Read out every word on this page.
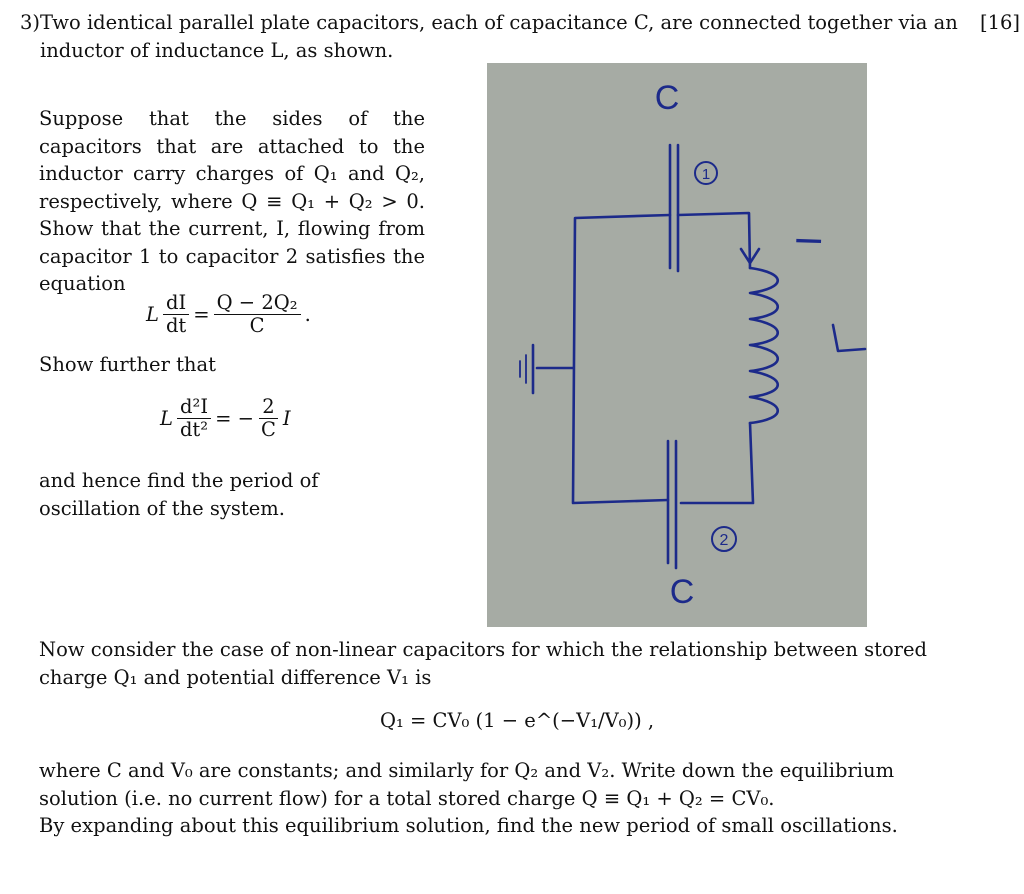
3) Two identical parallel plate capacitors, each of capacitance C, are connected together via an inductor of inductance L, as shown.
[16]
Suppose that the sides of the capacitors that are attached to the inductor carry charges of Q₁ and Q₂, respectively, where Q ≡ Q₁ + Q₂ > 0. Show that the current, I, flowing from capacitor 1 to capacitor 2 satisfies the equation
L $\frac{dI}{dt} = \frac{\text{Q − 2Q₂}}{C}$ .
Show further that
L $\frac{\text{d²I}}{\text{dt²}}$ = − $\frac{2}{C}$ I
and hence find the period of oscillation of the system.
C
C
1
2
I
Now consider the case of non-linear capacitors for which the relationship between stored charge Q₁ and potential difference V₁ is
Q₁ = CV₀ (1 − e^(−V₁/V₀)) ,
where C and V₀ are constants; and similarly for Q₂ and V₂. Write down the equilibrium solution (i.e. no current flow) for a total stored charge Q ≡ Q₁ + Q₂ = CV₀.
By expanding about this equilibrium solution, find the new period of small oscillations.
